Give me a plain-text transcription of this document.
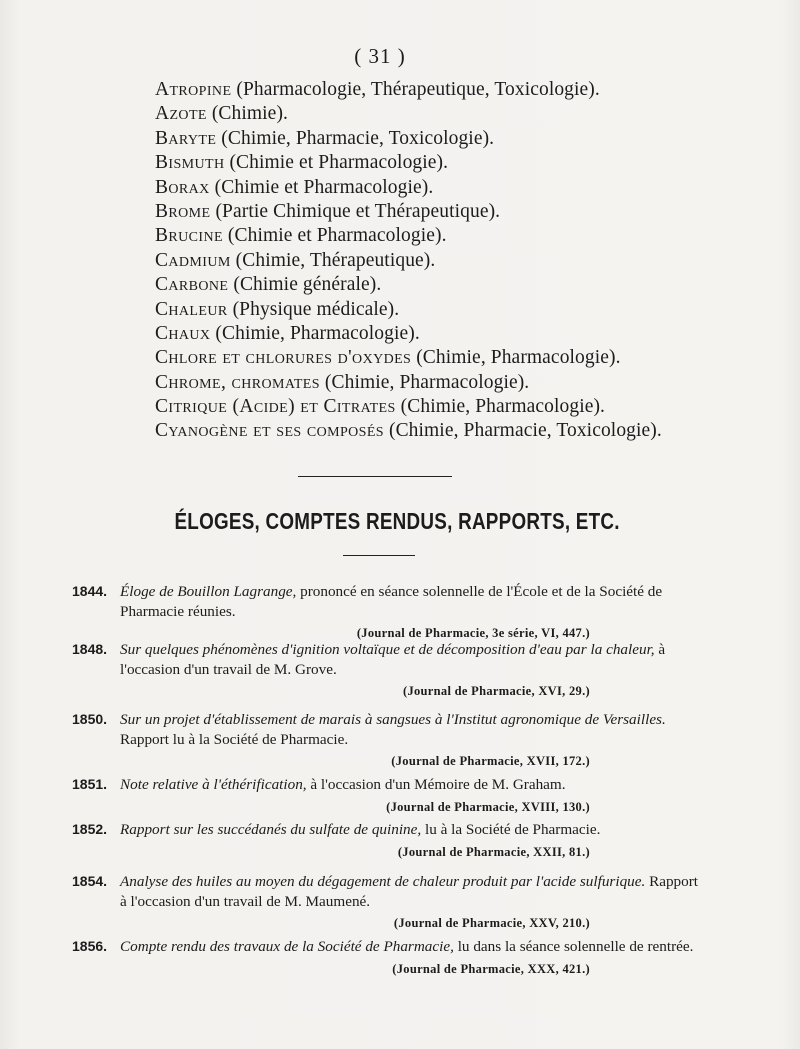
( 31 )
Atropine (Pharmacologie, Thérapeutique, Toxicologie).
Azote (Chimie).
Baryte (Chimie, Pharmacie, Toxicologie).
Bismuth (Chimie et Pharmacologie).
Borax (Chimie et Pharmacologie).
Brome (Partie Chimique et Thérapeutique).
Brucine (Chimie et Pharmacologie).
Cadmium (Chimie, Thérapeutique).
Carbone (Chimie générale).
Chaleur (Physique médicale).
Chaux (Chimie, Pharmacologie).
Chlore et chlorures d'oxydes (Chimie, Pharmacologie).
Chrome, chromates (Chimie, Pharmacologie).
Citrique (Acide) et Citrates (Chimie, Pharmacologie).
Cyanogène et ses composés (Chimie, Pharmacie, Toxicologie).
ÉLOGES, COMPTES RENDUS, RAPPORTS, ETC.
1844. Éloge de Bouillon Lagrange, prononcé en séance solennelle de l'École et de la Société de Pharmacie réunies.
(Journal de Pharmacie, 3e série, VI, 447.)
1848. Sur quelques phénomènes d'ignition voltaïque et de décomposition d'eau par la chaleur, à l'occasion d'un travail de M. Grove.
(Journal de Pharmacie, XVI, 29.)
1850. Sur un projet d'établissement de marais à sangsues à l'Institut agronomique de Versailles. Rapport lu à la Société de Pharmacie.
(Journal de Pharmacie, XVII, 172.)
1851. Note relative à l'éthérification, à l'occasion d'un Mémoire de M. Graham.
(Journal de Pharmacie, XVIII, 130.)
1852. Rapport sur les succédanés du sulfate de quinine, lu à la Société de Pharmacie.
(Journal de Pharmacie, XXII, 81.)
1854. Analyse des huiles au moyen du dégagement de chaleur produit par l'acide sulfurique. Rapport à l'occasion d'un travail de M. Maumené.
(Journal de Pharmacie, XXV, 210.)
1856. Compte rendu des travaux de la Société de Pharmacie, lu dans la séance solennelle de rentrée.
(Journal de Pharmacie, XXX, 421.)
